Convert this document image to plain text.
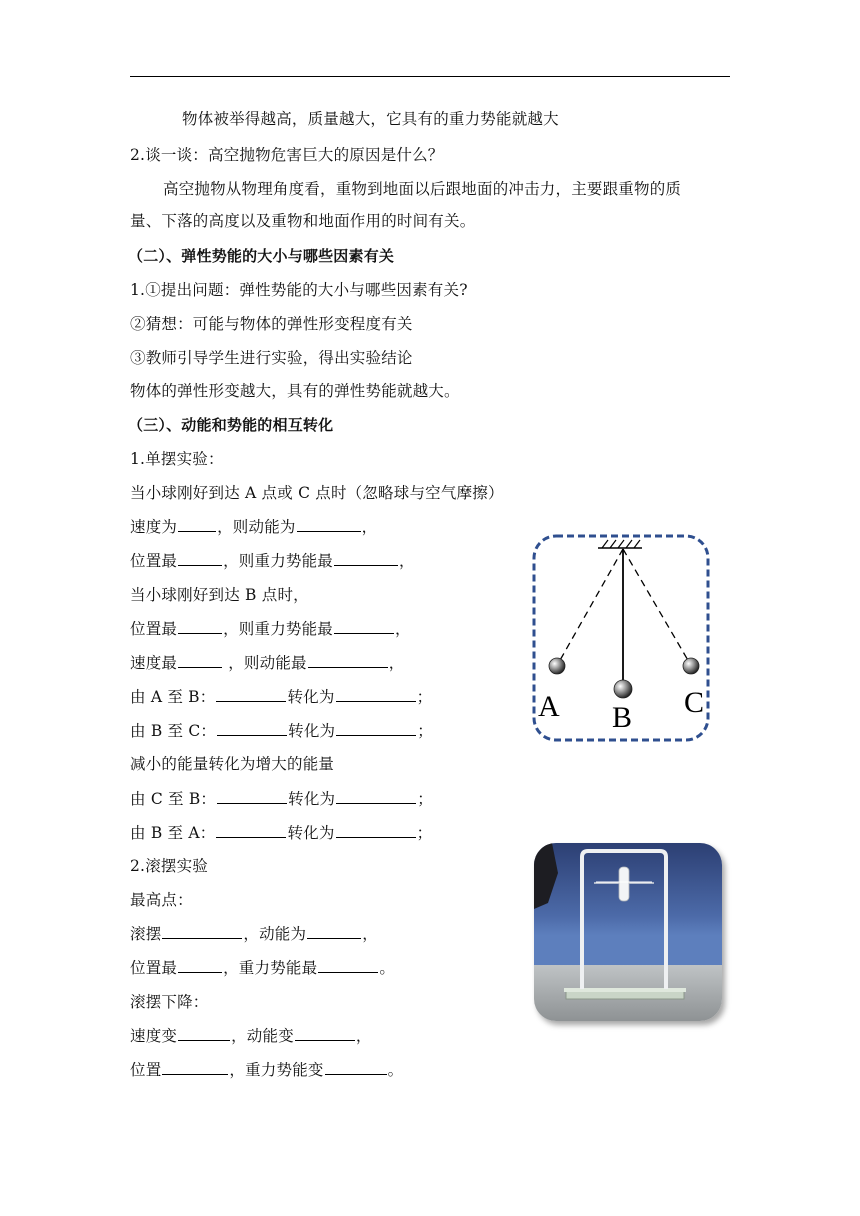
物体被举得越高，质量越大，它具有的重力势能就越大
2.谈一谈：高空抛物危害巨大的原因是什么？
高空抛物从物理角度看，重物到地面以后跟地面的冲击力，主要跟重物的质
量、下落的高度以及重物和地面作用的时间有关。
（二）、弹性势能的大小与哪些因素有关
1.①提出问题：弹性势能的大小与哪些因素有关?
②猜想：可能与物体的弹性形变程度有关
③教师引导学生进行实验，得出实验结论
物体的弹性形变越大，具有的弹性势能就越大。
（三）、动能和势能的相互转化
1.单摆实验：
当小球刚好到达 A 点或 C 点时（忽略球与空气摩擦）
速度为	，则动能为	，
位置最	，则重力势能最	，
当小球刚好到达 B 点时，
位置最	，则重力势能最	，
速度最	，则动能最	，
由 A 至 B：	转化为	；
由 B 至 C：	转化为	；
减小的能量转化为增大的能量
由 C 至 B：	转化为	；
由 B 至 A：	转化为	；
2.滚摆实验
最高点：
滚摆	，动能为	，
位置最	，重力势能最	。
滚摆下降：
速度变	，动能变	，
位置	，重力势能变	。
A B C
